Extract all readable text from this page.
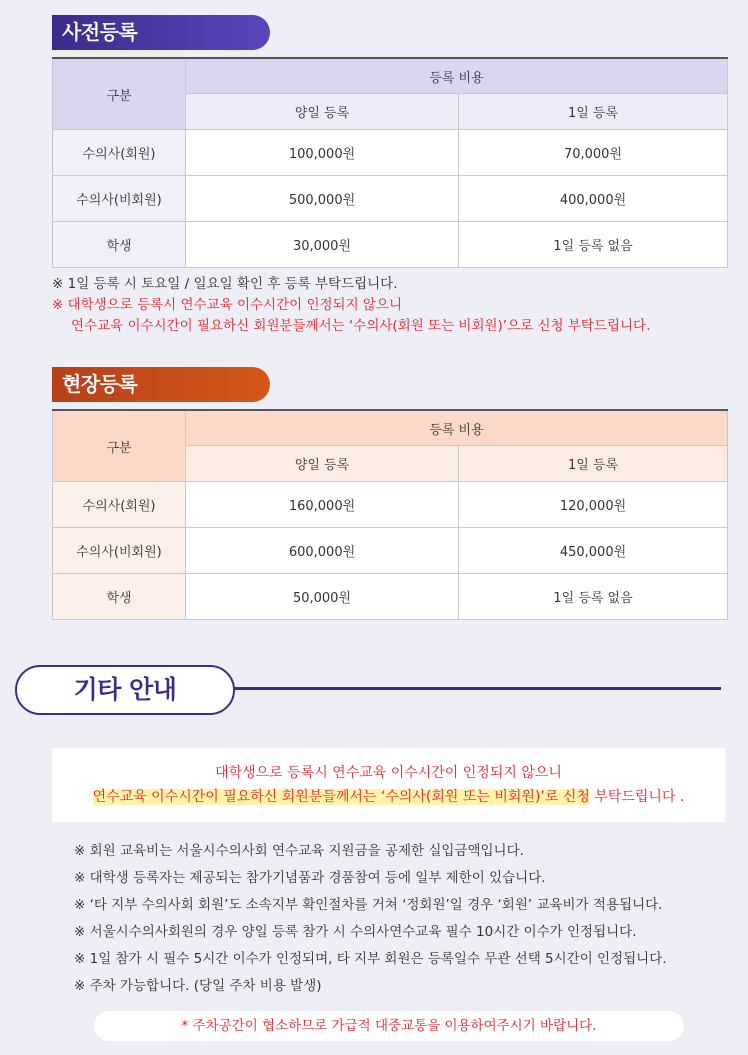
사전등록
구분	등록 비용	
	양일 등록	1일 등록
수의사(회원)	100,000원	70,000원
수의사(비회원)	500,000원	400,000원
학생	30,000원	1일 등록 없음
※ 1일 등록 시 토요일 / 일요일 확인 후 등록 부탁드립니다.
※ 대학생으로 등록시 연수교육 이수시간이 인정되지 않으니
연수교육 이수시간이 필요하신 회원분들께서는 ‘수의사(회원 또는 비회원)’으로 신청 부탁드립니다.
현장등록
구분	등록 비용	
	양일 등록	1일 등록
수의사(회원)	160,000원	120,000원
수의사(비회원)	600,000원	450,000원
학생	50,000원	1일 등록 없음
기타 안내
대학생으로 등록시 연수교육 이수시간이 인정되지 않으니
연수교육 이수시간이 필요하신 회원분들께서는 ‘수의사(회원 또는 비회원)’로 신청 부탁드립니다 .
※ 회원 교육비는 서울시수의사회 연수교육 지원금을 공제한 실입금액입니다.
※ 대학생 등록자는 제공되는 참가기념품과 경품참여 등에 일부 제한이 있습니다.
※ ‘타 지부 수의사회 회원’도 소속지부 확인절차를 거쳐 ‘정회원’일 경우 ‘회원’ 교육비가 적용됩니다.
※ 서울시수의사회원의 경우 양일 등록 참가 시 수의사연수교육 필수 10시간 이수가 인정됩니다.
※ 1일 참가 시 필수 5시간 이수가 인정되며, 타 지부 회원은 등록일수 무관 선택 5시간이 인정됩니다.
※ 주차 가능합니다. (당일 주차 비용 발생)
* 주차공간이 협소하므로 가급적 대중교통을 이용하여주시기 바랍니다.
